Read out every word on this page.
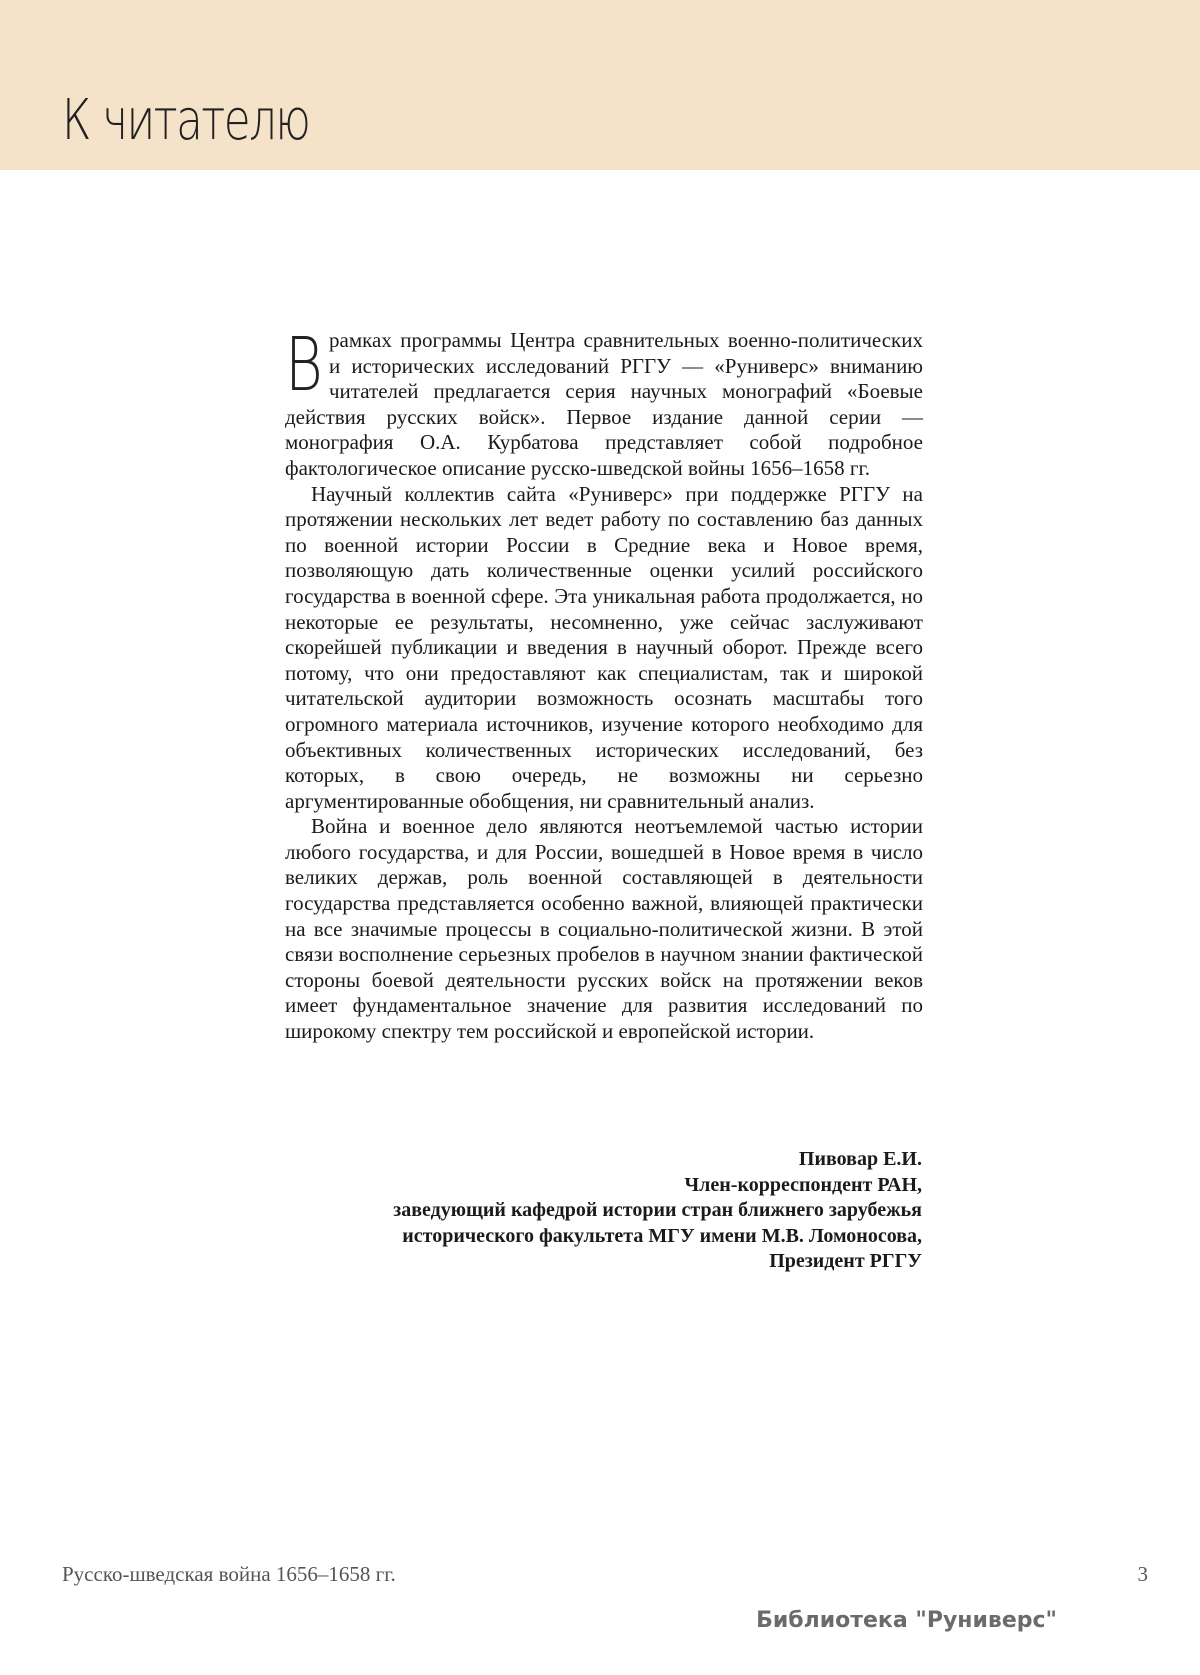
К читателю

Врамках программы Центра сравнительных военно-политических и исторических исследований РГГУ — «Руниверс» вниманию читателей предлагается серия научных монографий «Боевые действия русских войск». Первое издание данной серии — монография О.А. Курбатова представляет собой подробное фактологическое описание русско-шведской войны 1656–1658 гг.

Научный коллектив сайта «Руниверс» при поддержке РГГУ на протяжении нескольких лет ведет работу по составлению баз данных по военной истории России в Средние века и Новое время, позволяющую дать количественные оценки усилий российского государства в военной сфере. Эта уникальная работа продолжается, но некоторые ее результаты, несомненно, уже сейчас заслуживают скорейшей публикации и введения в научный оборот. Прежде всего потому, что они предоставляют как специалистам, так и широкой читательской аудитории возможность осознать масштабы того огромного материала источников, изучение которого необходимо для объективных количественных исторических исследований, без которых, в свою очередь, не возможны ни серьезно аргументированные обобщения, ни сравнительный анализ.

Война и военное дело являются неотъемлемой частью истории любого государства, и для России, вошедшей в Новое время в число великих держав, роль военной составляющей в деятельности государства представляется особенно важной, влияющей практически на все значимые процессы в социально-политической жизни. В этой связи восполнение серьезных пробелов в научном знании фактической стороны боевой деятельности русских войск на протяжении веков имеет фундаментальное значение для развития исследований по широкому спектру тем российской и европейской истории.

Пивовар Е.И.
Член-корреспондент РАН,
заведующий кафедрой истории стран ближнего зарубежья
исторического факультета МГУ имени М.В. Ломоносова,
Президент РГГУ
Русско-шведская война 1656–1658 гг.	3
Библиотека "Руниверс"
